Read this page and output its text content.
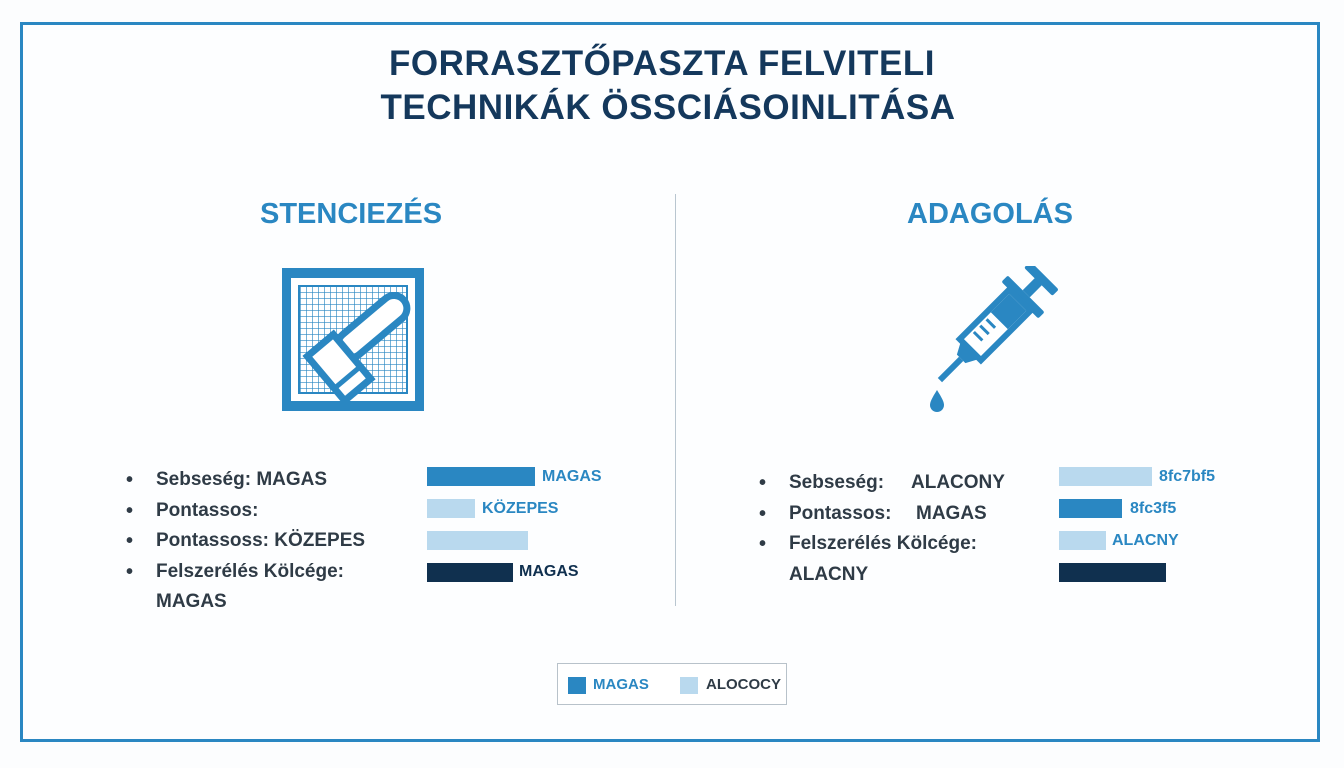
FORRASZTŐPASZTA FELVITELI
TECHNIKÁK ÖSSCIÁSOINLITÁSA
STENCIEZÉS
• Sebseség: MAGAS
• Pontassos:
• Pontassoss: KÖZEPES
• Felszerélés Kölcége:
MAGAS
MAGAS
KÖZEPES
MAGAS
ADAGOLÁS
• Sebseség: ALACONY
• Pontassos: MAGAS
• Felszerélés Kölcége:
ALACNY
8fc7bf5
8fc3f5
ALACNY
MAGAS	ALOCOCY
